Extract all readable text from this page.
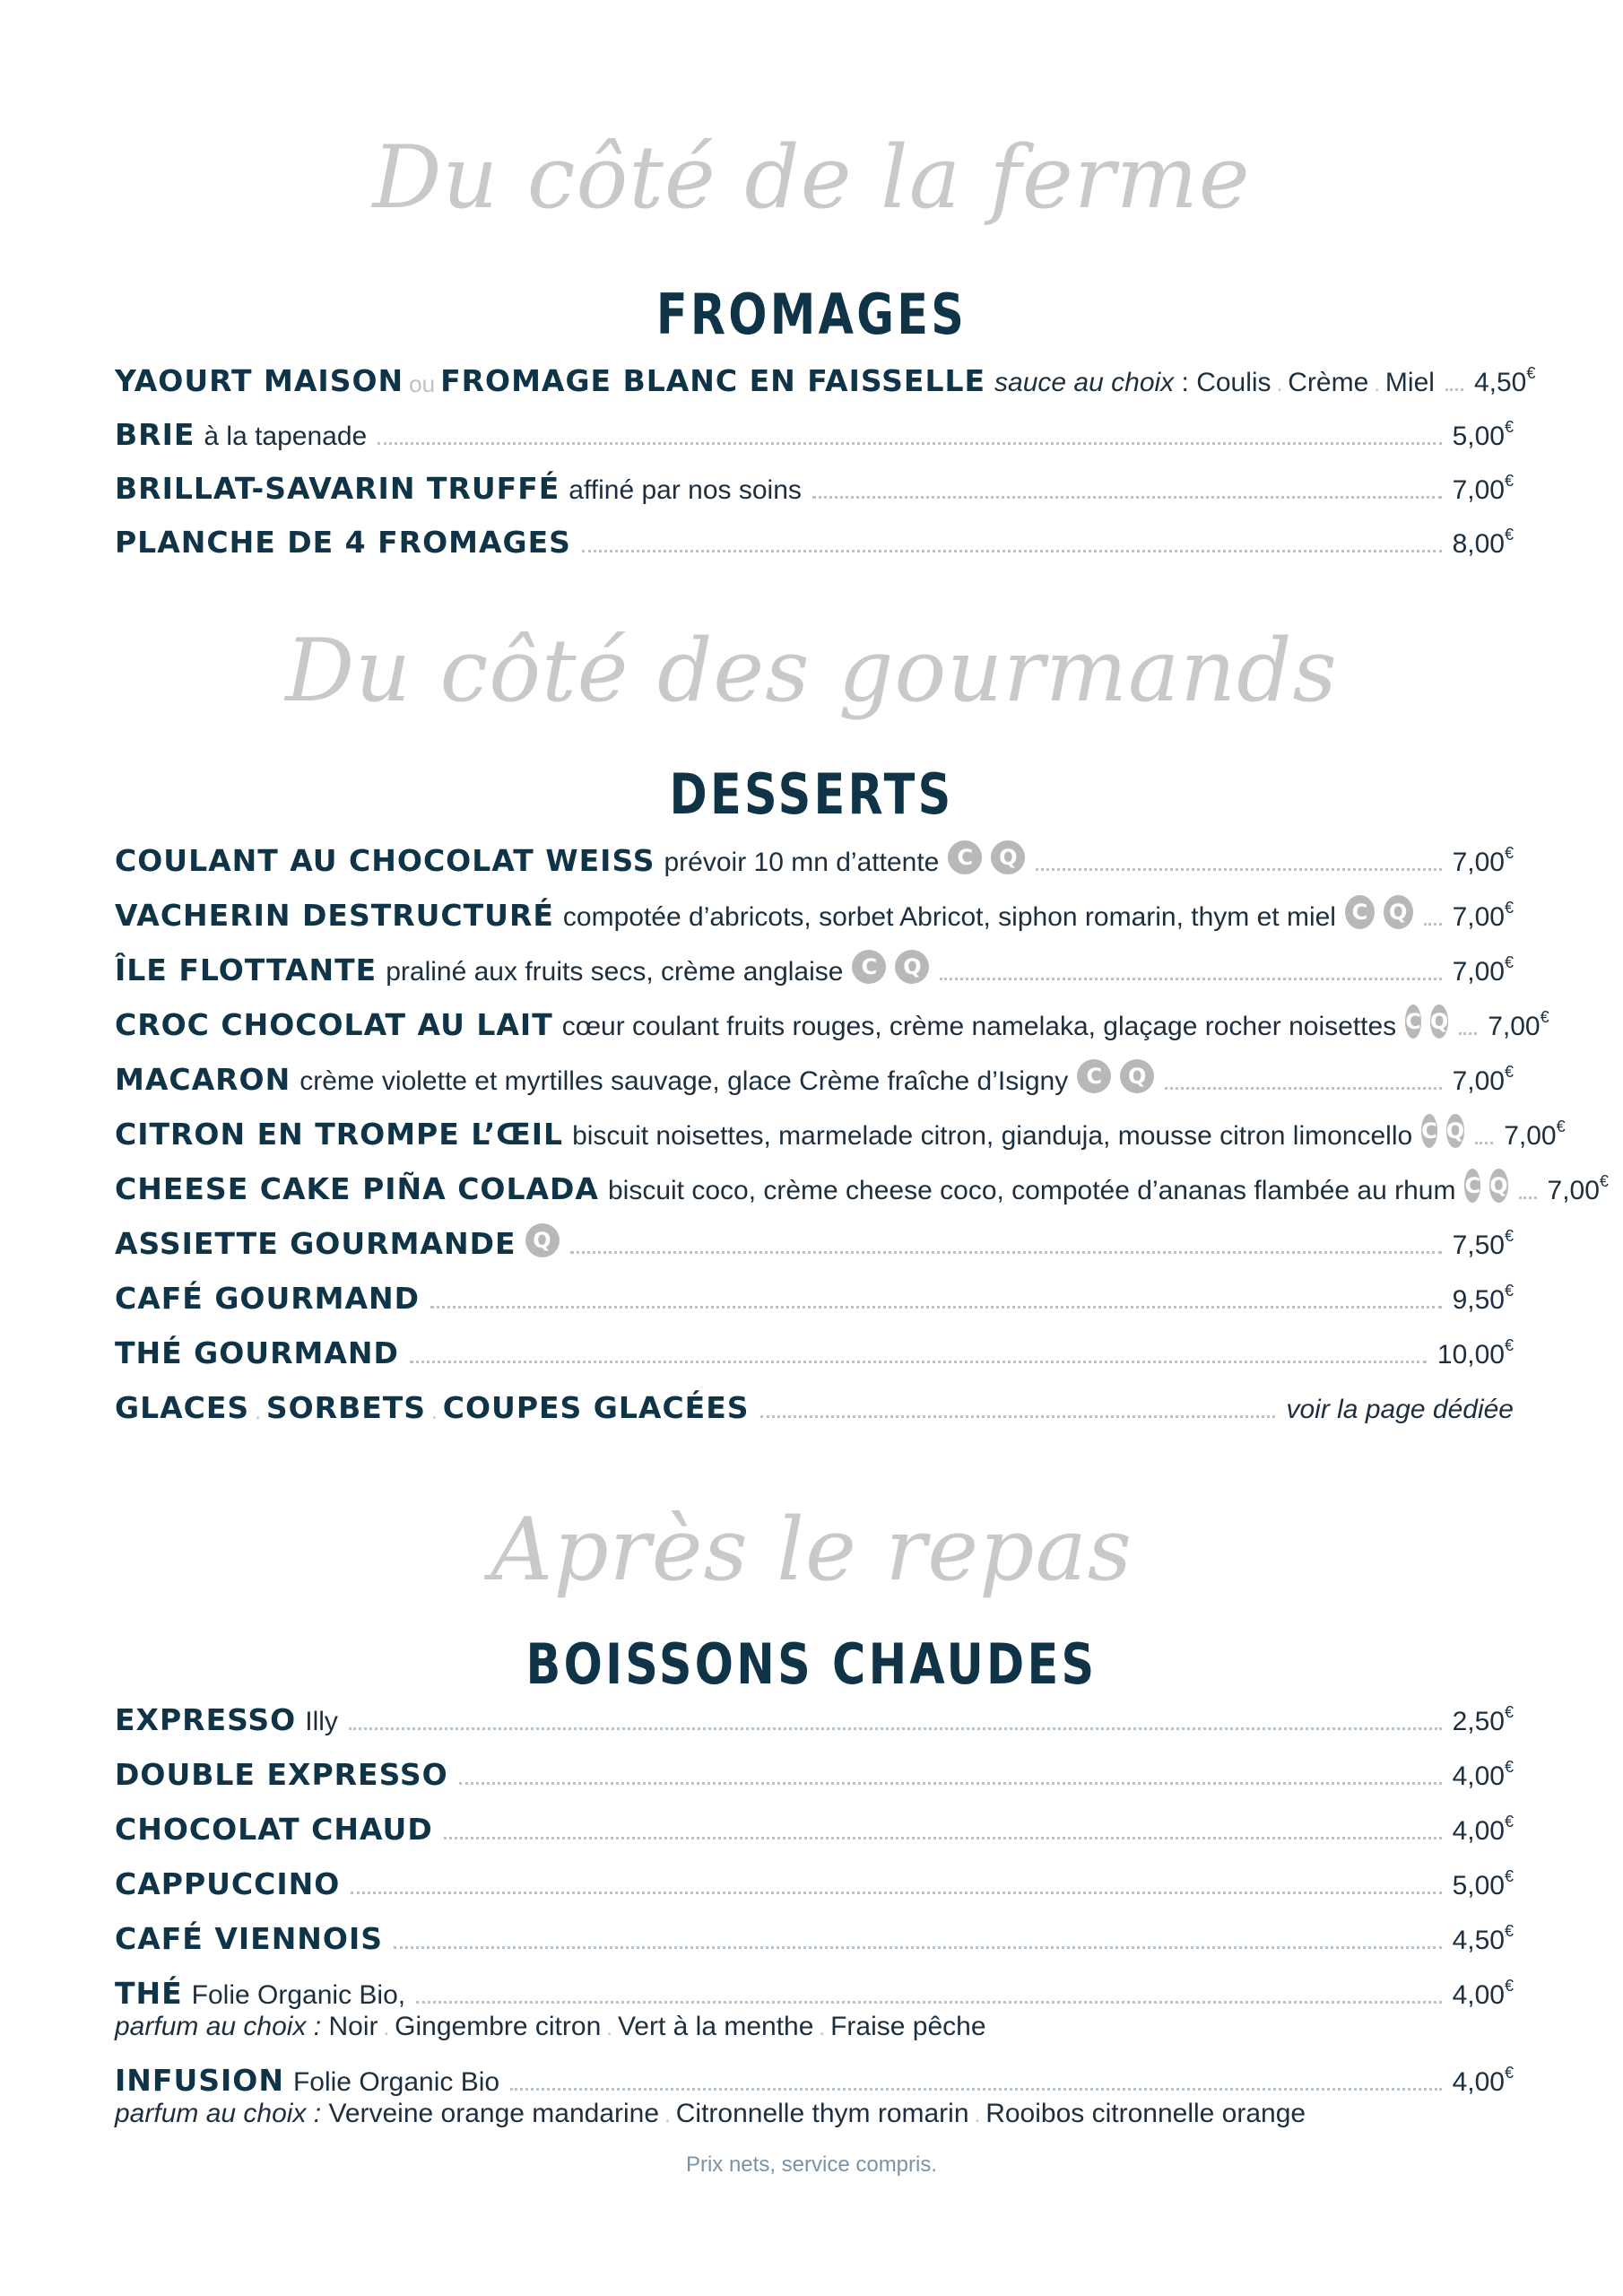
Du côté de la ferme
FROMAGES
YAOURT MAISON ou FROMAGE BLANC EN FAISSELLE sauce au choix : Coulis . Crème . Miel 4,50€
BRIE à la tapenade	5,00€
BRILLAT-SAVARIN TRUFFÉ affiné par nos soins	7,00€
PLANCHE DE 4 FROMAGES	8,00€
Du côté des gourmands
DESSERTS
COULANT AU CHOCOLAT WEISS prévoir 10 mn d’attente C	Q	7,00€
VACHERIN DESTRUCTURÉ compotée d’abricots, sorbet Abricot, siphon romarin, thym et miel C Q 7,00€
ÎLE FLOTTANTE praliné aux fruits secs, crème anglaise C	Q	7,00€
CROC CHOCOLAT AU LAIT cœur coulant fruits rouges, crème namelaka, glaçage rocher noisettes C Q 7,00€
MACARON crème violette et myrtilles sauvage, glace Crème fraîche d’Isigny C	Q	7,00€
CITRON EN TROMPE L’ŒIL biscuit noisettes, marmelade citron, gianduja, mousse citron limoncello C Q 7,00€
CHEESE CAKE PIÑA COLADA biscuit coco, crème cheese coco, compotée d’ananas flambée au rhum C Q 7,00€
ASSIETTE GOURMANDE Q	7,50€
CAFÉ GOURMAND	9,50€
THÉ GOURMAND	10,00€
GLACES . SORBETS . COUPES GLACÉES	voir la page dédiée
Après le repas
BOISSONS CHAUDES
EXPRESSO Illy	2,50€
DOUBLE EXPRESSO	4,00€
CHOCOLAT CHAUD	4,00€
CAPPUCCINO	5,00€
CAFÉ VIENNOIS	4,50€
THÉ Folie Organic Bio,	4,00€
parfum au choix : Noir . Gingembre citron . Vert à la menthe . Fraise pêche
INFUSION Folie Organic Bio	4,00€
parfum au choix : Verveine orange mandarine . Citronnelle thym romarin . Rooibos citronnelle orange
Prix nets, service compris.
